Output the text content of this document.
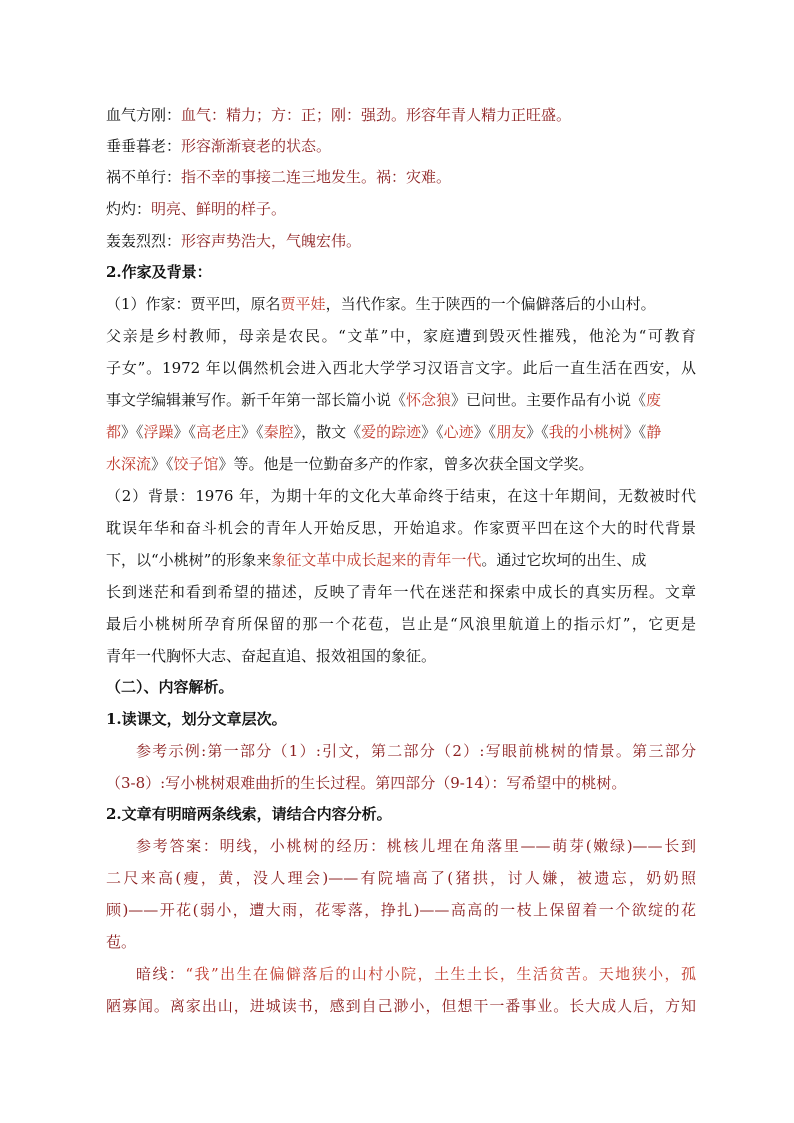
血气方刚：血气：精力；方：正；刚：强劲。形容年青人精力正旺盛。
垂垂暮老：形容渐渐衰老的状态。
祸不单行：指不幸的事接二连三地发生。祸：灾难。
灼灼：明亮、鲜明的样子。
轰轰烈烈：形容声势浩大，气魄宏伟。
2.作家及背景：
（1）作家：贾平凹，原名贾平娃，当代作家。生于陕西的一个偏僻落后的小山村。
父亲是乡村教师，母亲是农民。“文革”中，家庭遭到毁灭性摧残，他沦为“可教育
子女”。1972 年以偶然机会进入西北大学学习汉语言文字。此后一直生活在西安，从
事文学编辑兼写作。新千年第一部长篇小说《怀念狼》已问世。主要作品有小说《废
都》《浮躁》《高老庄》《秦腔》，散文《爱的踪迹》《心迹》《朋友》《我的小桃树》《静
水深流》《饺子馆》等。他是一位勤奋多产的作家，曾多次获全国文学奖。
（2）背景：1976 年，为期十年的文化大革命终于结束，在这十年期间，无数被时代
耽误年华和奋斗机会的青年人开始反思，开始追求。作家贾平凹在这个大的时代背景
下，以“小桃树”的形象来象征文革中成长起来的青年一代。通过它坎坷的出生、成
长到迷茫和看到希望的描述，反映了青年一代在迷茫和探索中成长的真实历程。文章
最后小桃树所孕育所保留的那一个花苞，岂止是“风浪里航道上的指示灯”，它更是
青年一代胸怀大志、奋起直追、报效祖国的象征。
（二）、内容解析。
1.读课文，划分文章层次。
参考示例:第一部分（1）:引文，第二部分（2）:写眼前桃树的情景。第三部分
（3-8）:写小桃树艰难曲折的生长过程。第四部分（9-14）：写希望中的桃树。
2.文章有明暗两条线索，请结合内容分析。
参考答案：明线，小桃树的经历：桃核儿埋在角落里——萌芽(嫩绿)——长到
二尺来高(瘦，黄，没人理会)——有院墙高了(猪拱，讨人嫌，被遗忘，奶奶照
顾)——开花(弱小，遭大雨，花零落，挣扎)——高高的一枝上保留着一个欲绽的花
苞。
暗线：“我”出生在偏僻落后的山村小院，土生土长，生活贫苦。天地狭小，孤
陋寡闻。离家出山，进城读书，感到自己渺小，但想干一番事业。长大成人后，方知
